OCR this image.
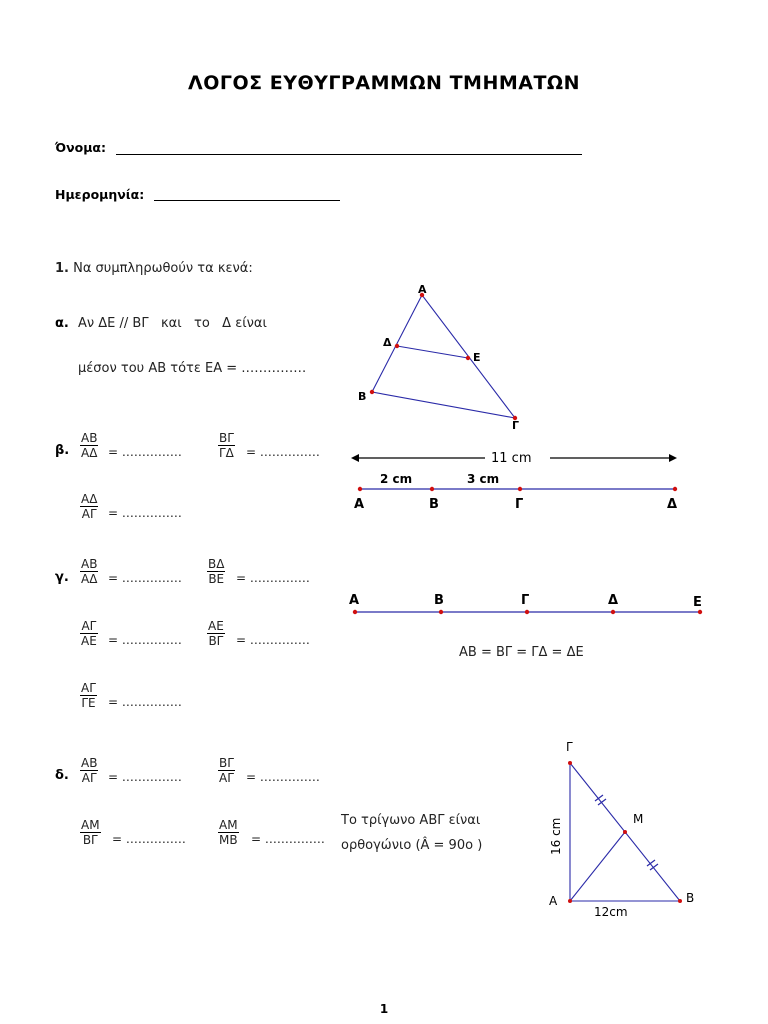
ΛΟΓΟΣ ΕΥΘΥΓΡΑΜΜΩΝ ΤΜΗΜΑΤΩΝ
Όνομα:
Ημερομηνία:
1. Να συμπληρωθούν τα κενά:
α. Αν ΔΕ // ΒΓ   και   το   Δ είναι
μέσον του ΑΒ τότε ΕΑ = ……………
β. $\frac{AB}{A\Delta}$ = ……………	$\frac{B\Gamma}{\Gamma\Delta}$ = ……………
$\frac{A\Delta}{A\Gamma}$ = ……………
γ. $\frac{AB}{A\Delta}$ = …………… $\frac{B\Delta}{BE}$ = ……………
$\frac{A\Gamma}{AE}$ = …………… $\frac{AE}{B\Gamma}$ = ……………
$\frac{A\Gamma}{\Gamma E}$ = ……………
δ. $\frac{AB}{A\Gamma}$ = ……………	$\frac{B\Gamma}{A\Gamma}$ = ……………
$\frac{AM}{B\Gamma}$ = ……………	$\frac{AM}{MB}$ = ……………
Το τρίγωνο ΑΒΓ είναι
ορθογώνιο (Â = 90ο )
Α
Δ
Ε
Β
Γ
11 cm
2 cm	3 cm
Α	Β	Γ	Δ
Α	Β	Γ	Δ	Ε
ΑΒ = ΒΓ = ΓΔ = ΔΕ
Γ
Μ
Α	Β
16 cm
12cm
1
